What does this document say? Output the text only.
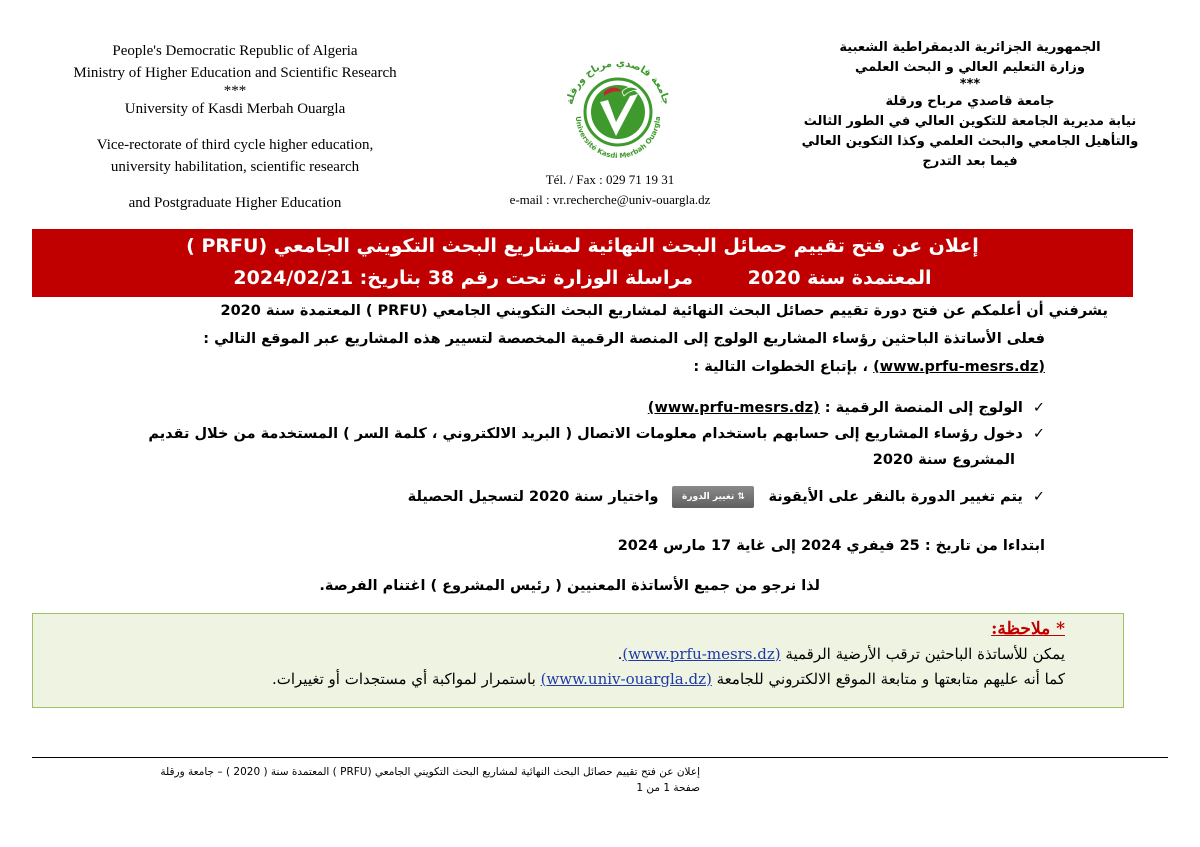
People's Democratic Republic of Algeria
Ministry of Higher Education and Scientific Research
***
University of Kasdi Merbah Ouargla
Vice-rectorate of third cycle higher education,
university habilitation, scientific research
and Postgraduate Higher Education
الجمهورية الجزائرية الديمقراطية الشعبية
وزارة التعليم العالي و البحث العلمي
***
جامعة قاصدي مرباح ورقلة
نيابة مديرية الجامعة للتكوين العالي في الطور الثالث
والتأهيل الجامعي والبحث العلمي وكذا التكوين العالي
فيما بعد التدرج
جامعة قاصدي مرباح ورقلة
Université Kasdi Merbah Ouargla
Tél. / Fax : 029 71 19 31
e-mail : vr.recherche@univ-ouargla.dz
إعلان عن فتح تقييم حصائل البحث النهائية لمشاريع البحث التكويني الجامعي (PRFU )
المعتمدة سنة 2020 مراسلة الوزارة تحت رقم 38 بتاريخ: 2024/02/21
يشرفني أن أعلمكم عن فتح دورة تقييم حصائل البحث النهائية لمشاريع البحث التكويني الجامعي (PRFU ) المعتمدة سنة 2020
فعلى الأساتذة الباحثين رؤساء المشاريع الولوج إلى المنصة الرقمية المخصصة لتسيير هذه المشاريع عبر الموقع التالي :
(www.prfu-mesrs.dz) ، بإتباع الخطوات التالية :
✓الولوج إلى المنصة الرقمية : (www.prfu-mesrs.dz)
✓دخول رؤساء المشاريع إلى حسابهم باستخدام معلومات الاتصال ( البريد الالكتروني ، كلمة السر ) المستخدمة من خلال تقديم
المشروع سنة 2020
✓يتم تغيير الدورة بالنقر على الأيقونة⇅ تغيير الدورةواختيار سنة 2020 لتسجيل الحصيلة
ابتداءا من تاريخ : 25 فيفري 2024 إلى غاية 17 مارس 2024
لذا نرجو من جميع الأساتذة المعنيين ( رئيس المشروع ) اغتنام الفرصة.
* ملاحظة:
يمكن للأساتذة الباحثين ترقب الأرضية الرقمية (www.prfu-mesrs.dz).
كما أنه عليهم متابعتها و متابعة الموقع الالكتروني للجامعة (www.univ-ouargla.dz) باستمرار لمواكبة أي مستجدات أو تغييرات.
إعلان عن فتح تقييم حصائل البحث النهائية لمشاريع البحث التكويني الجامعي (PRFU ) المعتمدة سنة ( 2020 ) – جامعة ورقلة
صفحة 1 من 1
